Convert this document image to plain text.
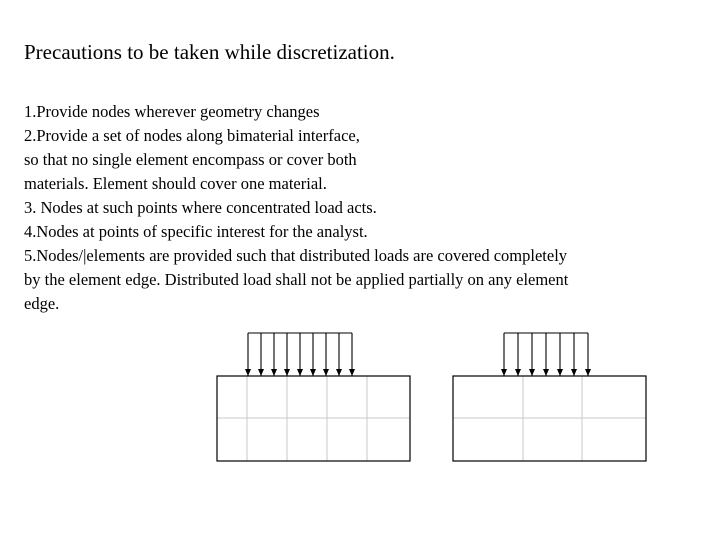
Precautions to be taken while discretization.
1.Provide nodes wherever geometry changes
2.Provide a set of nodes along bimaterial interface,
so that no single element encompass or cover both
materials. Element should cover one material.
3. Nodes at such points where concentrated load acts.
4.Nodes at points of specific interest for the analyst.
5.Nodes/|elements are provided such that distributed loads are covered completely
by the element edge. Distributed load shall not be applied partially on any element
edge.
